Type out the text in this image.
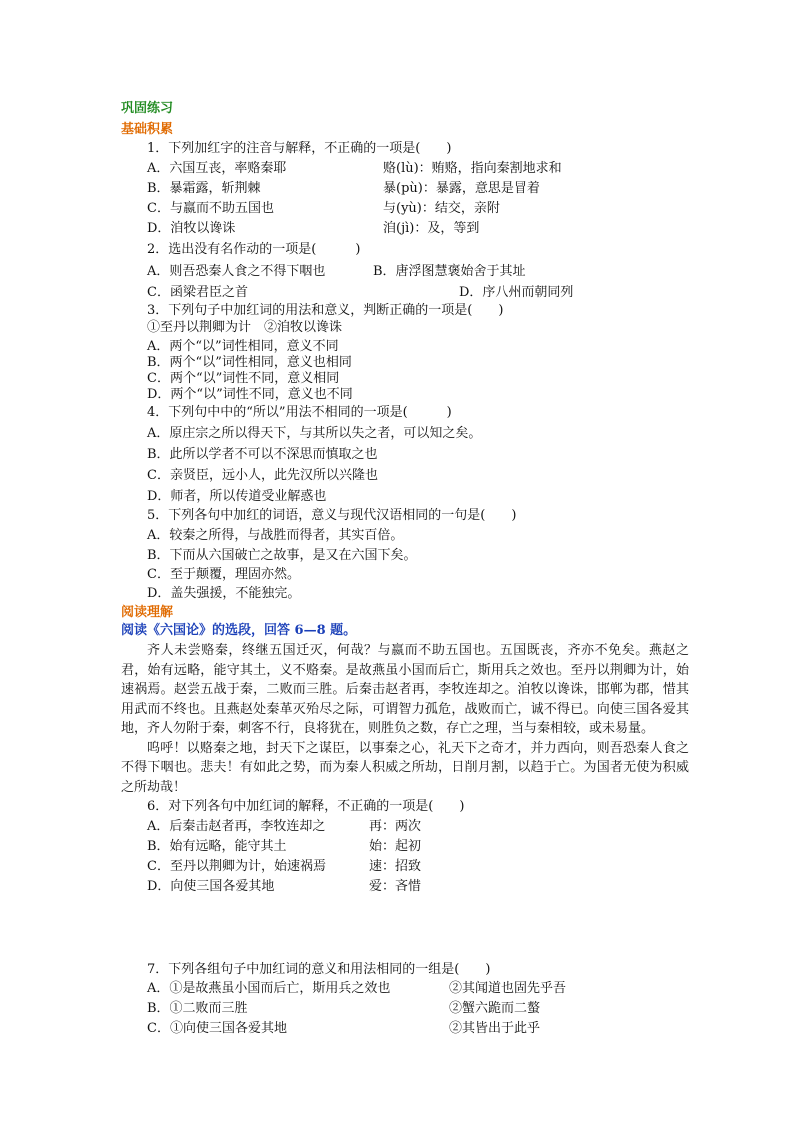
巩固练习
基础积累
1．下列加红字的注音与解释，不正确的一项是(　　)
A．六国互丧，率赂秦耶	赂(lù)：贿赂，指向秦割地求和
B．暴霜露，斩荆棘	暴(pù)：暴露，意思是冒着
C．与嬴而不助五国也	与(yù)：结交，亲附
D．洎牧以谗诛	洎(jì)：及，等到
2．选出没有名作动的一项是(　　　)
A．则吾恐秦人食之不得下咽也	B．唐浮图慧褒始舍于其址
C．函梁君臣之首	D．序八州而朝同列
3．下列句子中加红词的用法和意义，判断正确的一项是(　　)
①至丹以荆卿为计　②洎牧以谗诛
A．两个“以”词性相同，意义不同
B．两个“以”词性相同，意义也相同
C．两个“以”词性不同，意义相同
D．两个“以”词性不同，意义也不同
4．下列句中中的“所以”用法不相同的一项是(　　　)
A．原庄宗之所以得天下，与其所以失之者，可以知之矣。
B．此所以学者不可以不深思而慎取之也
C．亲贤臣，远小人，此先汉所以兴隆也
D．师者，所以传道受业解惑也
5．下列各句中加红的词语，意义与现代汉语相同的一句是(　　)
A．较秦之所得，与战胜而得者，其实百倍。
B．下而从六国破亡之故事，是又在六国下矣。
C．至于颠覆，理固亦然。
D．盖失强援，不能独完。
阅读理解
阅读《六国论》的选段，回答 6—8 题。

齐人未尝赂秦，终继五国迁灭，何哉？与嬴而不助五国也。五国既丧，齐亦不免矣。燕赵之君，始有远略，能守其土，义不赂秦。是故燕虽小国而后亡，斯用兵之效也。至丹以荆卿为计，始速祸焉。赵尝五战于秦，二败而三胜。后秦击赵者再，李牧连却之。洎牧以谗诛，邯郸为郡，惜其用武而不终也。且燕赵处秦革灭殆尽之际，可谓智力孤危，战败而亡，诚不得已。向使三国各爱其地，齐人勿附于秦，刺客不行，良将犹在，则胜负之数，存亡之理，当与秦相较，或未易量。

呜呼！以赂秦之地，封天下之谋臣，以事秦之心，礼天下之奇才，并力西向，则吾恐秦人食之不得下咽也。悲夫！有如此之势，而为秦人积威之所劫，日削月割，以趋于亡。为国者无使为积威之所劫哉！

6．对下列各句中加红词的解释，不正确的一项是(　　)
A．后秦击赵者再，李牧连却之	再：两次
B．始有远略，能守其土	始：起初
C．至丹以荆卿为计，始速祸焉	速：招致
D．向使三国各爱其地	爱：吝惜
7．下列各组句子中加红词的意义和用法相同的一组是(　　)
A．①是故燕虽小国而后亡，斯用兵之效也	②其闻道也固先乎吾
B．①二败而三胜	②蟹六跪而二螯
C．①向使三国各爱其地	②其皆出于此乎
